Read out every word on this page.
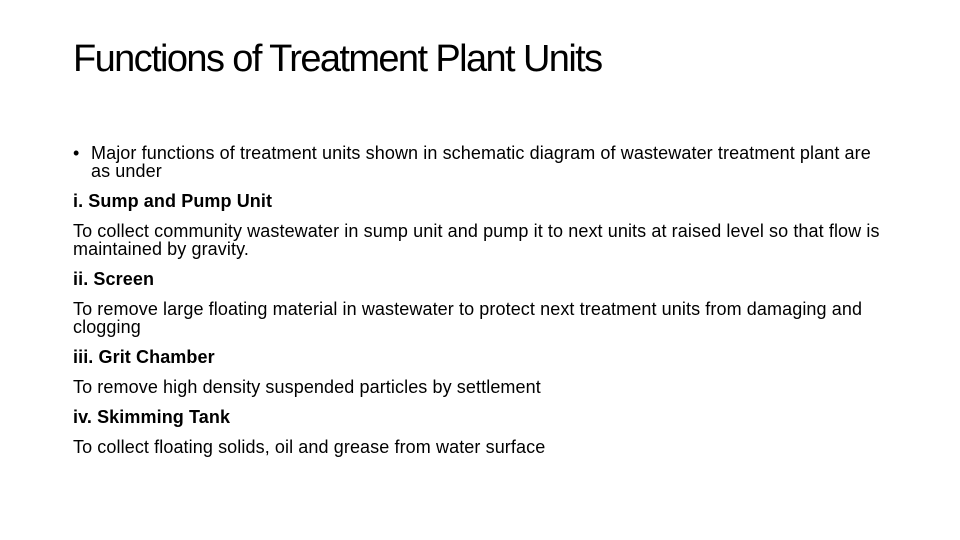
Functions of Treatment Plant Units

• Major functions of treatment units shown in schematic diagram of wastewater treatment plant are as under

i. Sump and Pump Unit

To collect community wastewater in sump unit and pump it to next units at raised level so that flow is maintained by gravity.

ii. Screen

To remove large floating material in wastewater to protect next treatment units from damaging and clogging

iii. Grit Chamber

To remove high density suspended particles by settlement

iv. Skimming Tank

To collect floating solids, oil and grease from water surface
